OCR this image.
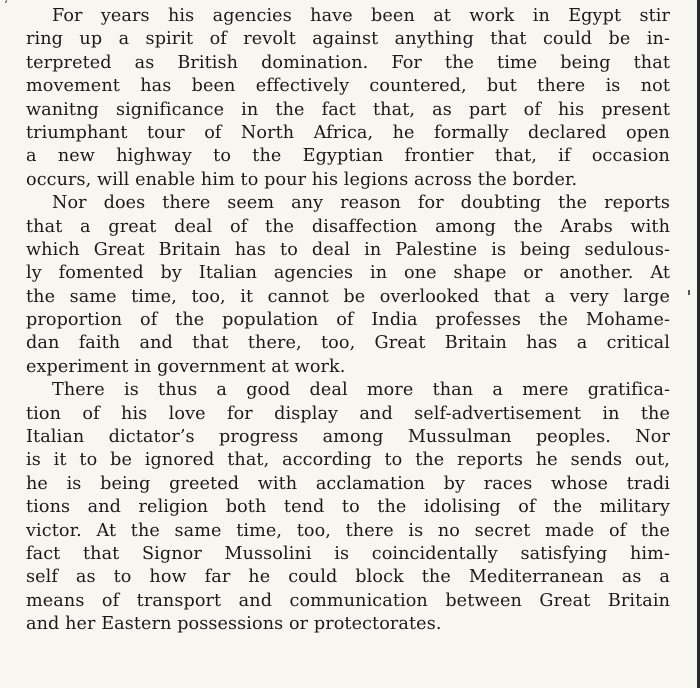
ʻ
For years his agencies have been at work in Egypt stir
ring up a spirit of revolt against anything that could be in-
terpreted as British domination. For the time being that
movement has been effectively countered, but there is not
wanitng significance in the fact that, as part of his present
triumphant tour of North Africa, he formally declared open
a new highway to the Egyptian frontier that, if occasion
occurs, will enable him to pour his legions across the border.
Nor does there seem any reason for doubting the reports
that a great deal of the disaffection among the Arabs with
which Great Britain has to deal in Palestine is being sedulous-
ly fomented by Italian agencies in one shape or another. At
the same time, too, it cannot be overlooked that a very large
proportion of the population of India professes the Mohame-
dan faith and that there, too, Great Britain has a critical
experiment in government at work.
There is thus a good deal more than a mere gratifica-
tion of his love for display and self-advertisement in the
Italian dictator’s progress among Mussulman peoples. Nor
is it to be ignored that, according to the reports he sends out,
he is being greeted with acclamation by races whose tradi
tions and religion both tend to the idolising of the military
victor. At the same time, too, there is no secret made of the
fact that Signor Mussolini is coincidentally satisfying him-
self as to how far he could block the Mediterranean as a
means of transport and communication between Great Britain
and her Eastern possessions or protectorates.
